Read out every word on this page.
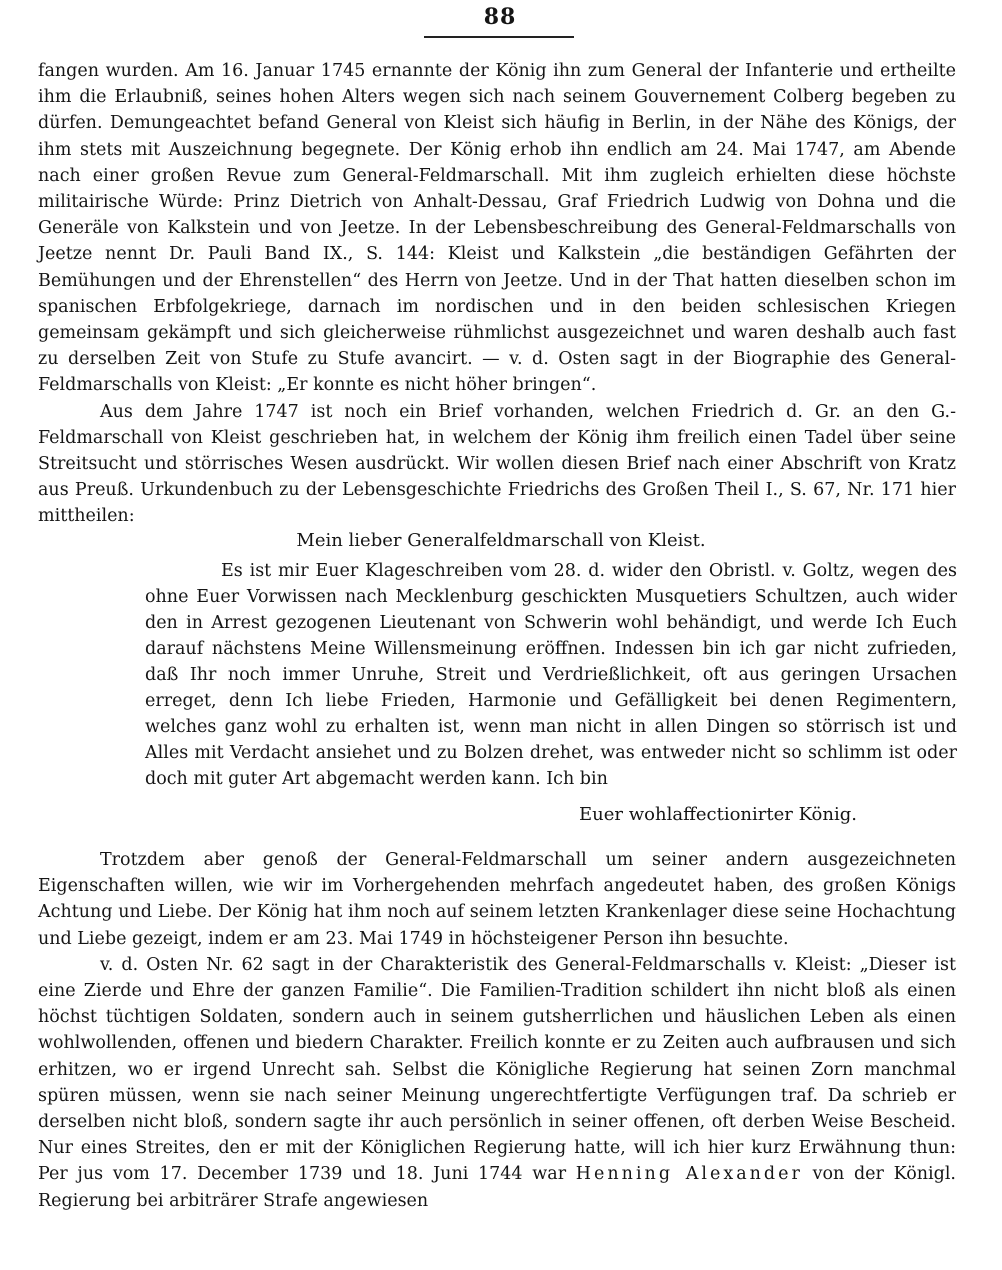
88

fangen wurden. Am 16. Januar 1745 ernannte der König ihn zum General der Infanterie und ertheilte ihm die Erlaubniß, seines hohen Alters wegen sich nach seinem Gouvernement Colberg begeben zu dürfen. Demungeachtet befand General von Kleist sich häufig in Berlin, in der Nähe des Königs, der ihm stets mit Auszeichnung begegnete. Der König erhob ihn endlich am 24. Mai 1747, am Abende nach einer großen Revue zum General-Feldmarschall. Mit ihm zugleich erhielten diese höchste militairische Würde: Prinz Dietrich von Anhalt-Dessau, Graf Friedrich Ludwig von Dohna und die Generäle von Kalkstein und von Jeetze. In der Lebensbeschreibung des General-Feldmarschalls von Jeetze nennt Dr. Pauli Band IX., S. 144: Kleist und Kalkstein „die beständigen Gefährten der Bemühungen und der Ehrenstellen“ des Herrn von Jeetze. Und in der That hatten dieselben schon im spanischen Erbfolgekriege, darnach im nordischen und in den beiden schlesischen Kriegen gemeinsam gekämpft und sich gleicherweise rühmlichst ausgezeichnet und waren deshalb auch fast zu derselben Zeit von Stufe zu Stufe avancirt. — v. d. Osten sagt in der Biographie des General-Feldmarschalls von Kleist: „Er konnte es nicht höher bringen“.

Aus dem Jahre 1747 ist noch ein Brief vorhanden, welchen Friedrich d. Gr. an den G.-Feldmarschall von Kleist geschrieben hat, in welchem der König ihm freilich einen Tadel über seine Streitsucht und störrisches Wesen ausdrückt. Wir wollen diesen Brief nach einer Abschrift von Kratz aus Preuß. Urkundenbuch zu der Lebensgeschichte Friedrichs des Großen Theil I., S. 67, Nr. 171 hier mittheilen:

Mein lieber Generalfeldmarschall von Kleist.

Es ist mir Euer Klageschreiben vom 28. d. wider den Obristl. v. Goltz, wegen des ohne Euer Vorwissen nach Mecklenburg geschickten Musquetiers Schultzen, auch wider den in Arrest gezogenen Lieutenant von Schwerin wohl behändigt, und werde Ich Euch darauf nächstens Meine Willensmeinung eröffnen. Indessen bin ich gar nicht zufrieden, daß Ihr noch immer Unruhe, Streit und Verdrießlichkeit, oft aus geringen Ursachen erreget, denn Ich liebe Frieden, Harmonie und Gefälligkeit bei denen Regimentern, welches ganz wohl zu erhalten ist, wenn man nicht in allen Dingen so störrisch ist und Alles mit Verdacht ansiehet und zu Bolzen drehet, was entweder nicht so schlimm ist oder doch mit guter Art abgemacht werden kann. Ich bin

Euer wohlaffectionirter König.

Trotzdem aber genoß der General-Feldmarschall um seiner andern ausgezeichneten Eigenschaften willen, wie wir im Vorhergehenden mehrfach angedeutet haben, des großen Königs Achtung und Liebe. Der König hat ihm noch auf seinem letzten Krankenlager diese seine Hochachtung und Liebe gezeigt, indem er am 23. Mai 1749 in höchsteigener Person ihn besuchte.

v. d. Osten Nr. 62 sagt in der Charakteristik des General-Feldmarschalls v. Kleist: „Dieser ist eine Zierde und Ehre der ganzen Familie“. Die Familien-Tradition schildert ihn nicht bloß als einen höchst tüchtigen Soldaten, sondern auch in seinem gutsherrlichen und häuslichen Leben als einen wohlwollenden, offenen und biedern Charakter. Freilich konnte er zu Zeiten auch aufbrausen und sich erhitzen, wo er irgend Unrecht sah. Selbst die Königliche Regierung hat seinen Zorn manchmal spüren müssen, wenn sie nach seiner Meinung ungerechtfertigte Verfügungen traf. Da schrieb er derselben nicht bloß, sondern sagte ihr auch persönlich in seiner offenen, oft derben Weise Bescheid. Nur eines Streites, den er mit der Königlichen Regierung hatte, will ich hier kurz Erwähnung thun: Per jus vom 17. December 1739 und 18. Juni 1744 war Henning Alexander von der Königl. Regierung bei arbiträrer Strafe angewiesen
